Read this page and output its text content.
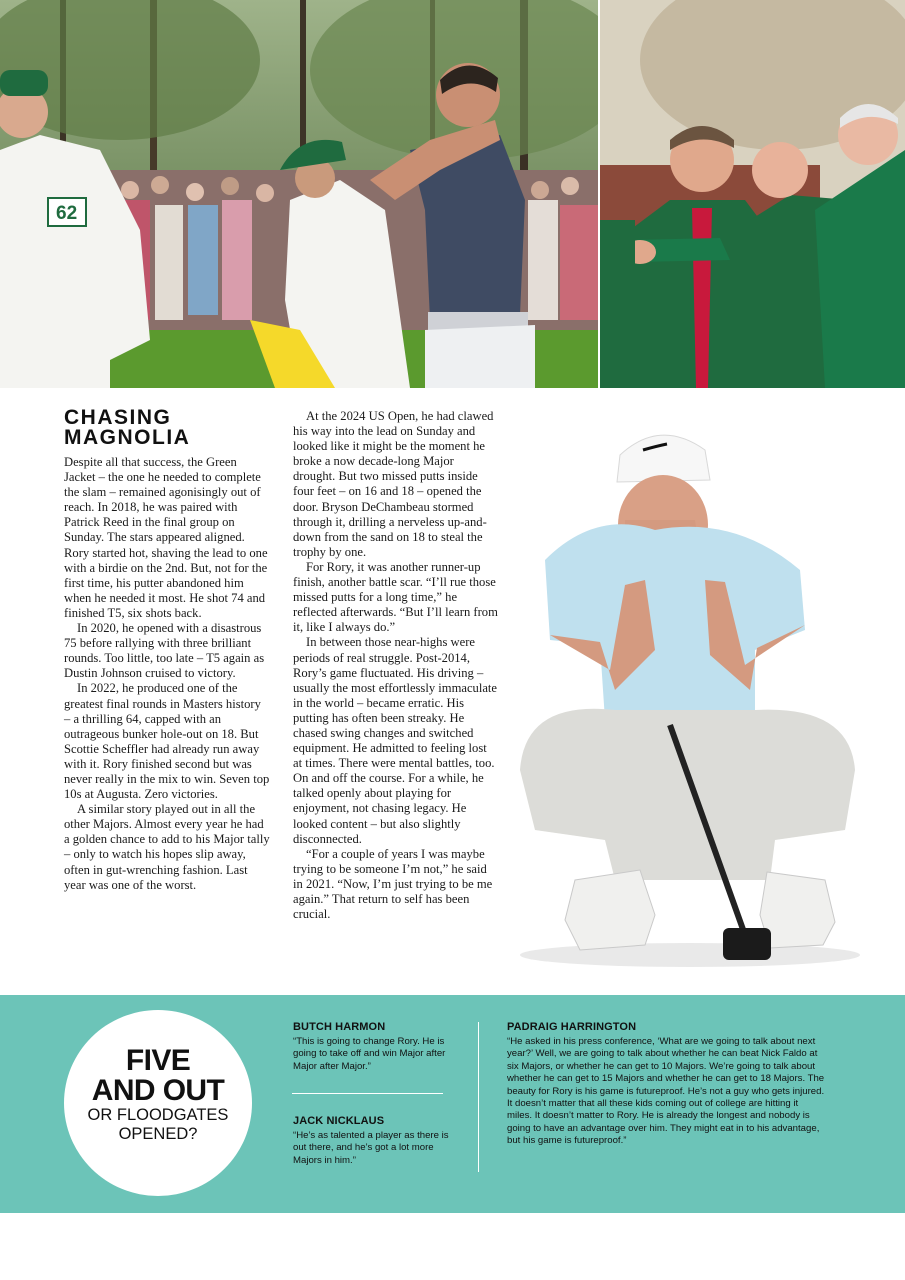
62
CHASING
MAGNOLIA

Despite all that success, the Green Jacket – the one he needed to complete the slam – remained agonisingly out of reach. In 2018, he was paired with Patrick Reed in the final group on Sunday. The stars appeared aligned. Rory started hot, shaving the lead to one with a birdie on the 2nd. But, not for the first time, his putter abandoned him when he needed it most. He shot 74 and finished T5, six shots back.

In 2020, he opened with a disastrous 75 before rallying with three brilliant rounds. Too little, too late – T5 again as Dustin Johnson cruised to victory.

In 2022, he produced one of the greatest final rounds in Masters history – a thrilling 64, capped with an outrageous bunker hole-out on 18. But Scottie Scheffler had already run away with it. Rory finished second but was never really in the mix to win. Seven top 10s at Augusta. Zero victories.

A similar story played out in all the other Majors. Almost every year he had a golden chance to add to his Major tally – only to watch his hopes slip away, often in gut-wrenching fashion. Last year was one of the worst.

At the 2024 US Open, he had clawed his way into the lead on Sunday and looked like it might be the moment he broke a now decade-long Major drought. But two missed putts inside four feet – on 16 and 18 – opened the door. Bryson DeChambeau stormed through it, drilling a nerveless up-and-down from the sand on 18 to steal the trophy by one.

For Rory, it was another runner-up finish, another battle scar. “I’ll rue those missed putts for a long time,” he reflected afterwards. “But I’ll learn from it, like I always do.”

In between those near-highs were periods of real struggle. Post-2014, Rory’s game fluctuated. His driving – usually the most effortlessly immaculate in the world – became erratic. His putting has often been streaky. He chased swing changes and switched equipment. He admitted to feeling lost at times. There were mental battles, too. On and off the course. For a while, he talked openly about playing for enjoyment, not chasing legacy. He looked content – but also slightly disconnected.

“For a couple of years I was maybe trying to be someone I’m not,” he said in 2021. “Now, I’m just trying to be me again.” That return to self has been crucial.

FIVE
AND OUT
OR FLOODGATES
OPENED?

BUTCH HARMON

“This is going to change Rory. He is going to take off and win Major after Major after Major.”

JACK NICKLAUS

“He’s as talented a player as there is out there, and he’s got a lot more Majors in him.”

PADRAIG HARRINGTON

“He asked in his press conference, ‘What are we going to talk about next year?’ Well, we are going to talk about whether he can beat Nick Faldo at six Majors, or whether he can get to 10 Majors. We’re going to talk about whether he can get to 15 Majors and whether he can get to 18 Majors. The beauty for Rory is his game is futureproof. He’s not a guy who gets injured. It doesn’t matter that all these kids coming out of college are hitting it miles. It doesn’t matter to Rory. He is already the longest and nobody is going to have an advantage over him. They might eat in to his advantage, but his game is futureproof.”
